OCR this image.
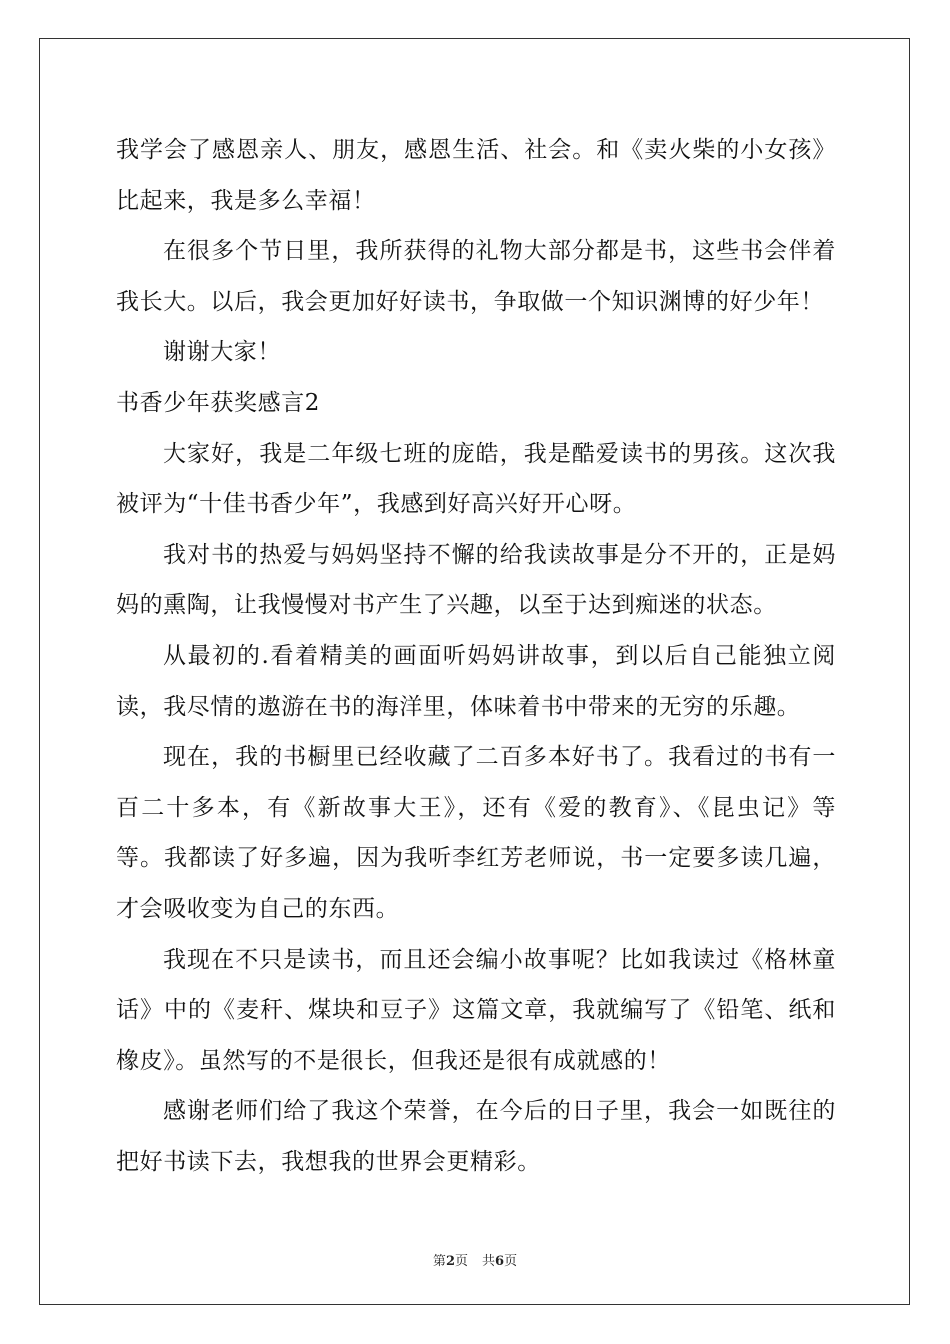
我学会了感恩亲人、朋友，感恩生活、社会。和《卖火柴的小女孩》比起来，我是多么幸福！

在很多个节日里，我所获得的礼物大部分都是书，这些书会伴着我长大。以后，我会更加好好读书，争取做一个知识渊博的好少年！

谢谢大家！

书香少年获奖感言2

大家好，我是二年级七班的庞皓，我是酷爱读书的男孩。这次我被评为“十佳书香少年”，我感到好高兴好开心呀。

我对书的热爱与妈妈坚持不懈的给我读故事是分不开的，正是妈妈的熏陶，让我慢慢对书产生了兴趣，以至于达到痴迷的状态。

从最初的.看着精美的画面听妈妈讲故事，到以后自己能独立阅读，我尽情的遨游在书的海洋里，体味着书中带来的无穷的乐趣。

现在，我的书橱里已经收藏了二百多本好书了。我看过的书有一百二十多本，有《新故事大王》，还有《爱的教育》、《昆虫记》等等。我都读了好多遍，因为我听李红芳老师说，书一定要多读几遍，才会吸收变为自己的东西。

我现在不只是读书，而且还会编小故事呢？比如我读过《格林童话》中的《麦秆、煤块和豆子》这篇文章，我就编写了《铅笔、纸和橡皮》。虽然写的不是很长，但我还是很有成就感的！

感谢老师们给了我这个荣誉，在今后的日子里，我会一如既往的把好书读下去，我想我的世界会更精彩。

第2页 共6页
